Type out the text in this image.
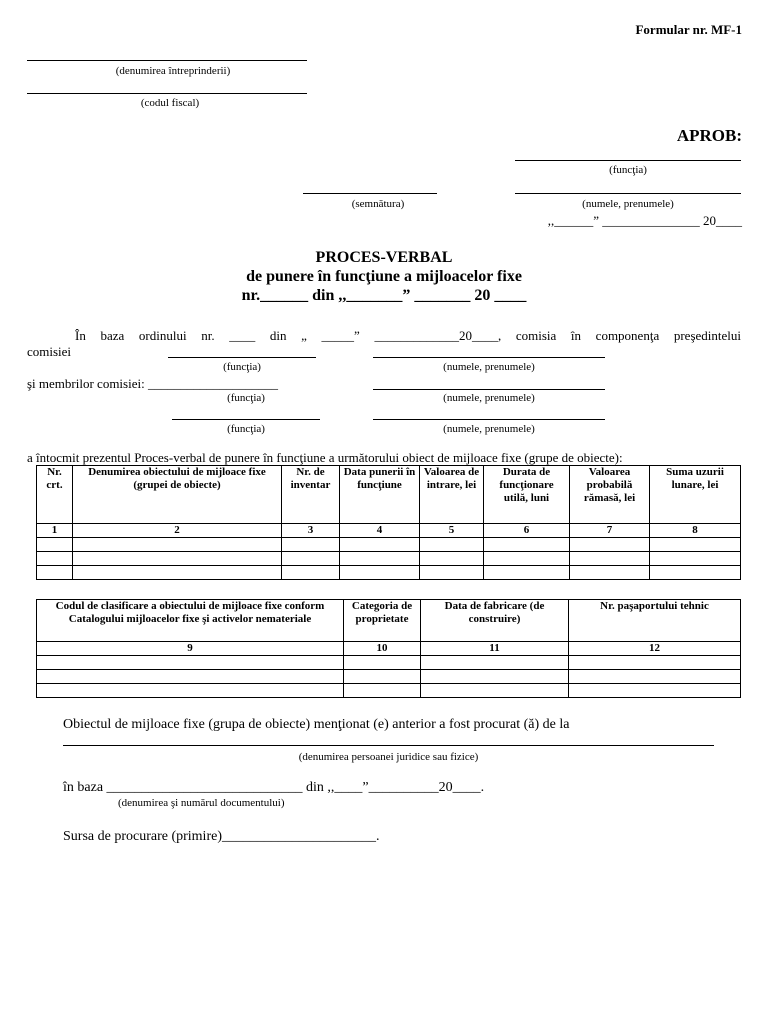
Formular nr. MF-1
(denumirea întreprinderii)
(codul fiscal)
APROB:
(funcţia)
(semnătura)	(numele, prenumele)
,,______” _______________ 20____
PROCES-VERBAL
de punere în funcţiune a mijloacelor fixe
nr.______ din ,,_______” _______ 20 ____
În baza ordinului nr. ____ din „ _____” _____________20____, comisia în componenţa preşedintelui
comisiei
(funcţia)	(numele, prenumele)
şi membrilor comisiei: ____________________
(funcţia)	(numele, prenumele)
(funcţia)	(numele, prenumele)
a întocmit prezentul Proces-verbal de punere în funcţiune a următorului obiect de mijloace fixe (grupe de obiecte):
Nr. crt.	Denumirea obiectului de mijloace fixe (grupei de obiecte)	Nr. de inventar	Data punerii în funcţiune	Valoarea de intrare, lei	Durata de funcţionare utilă, luni	Valoarea probabilă rămasă, lei	Suma uzurii lunare, lei
1	2	3	4	5	6	7	8

Codul de clasificare a obiectului de mijloace fixe conform Catalogului mijloacelor fixe şi activelor nemateriale	Categoria de proprietate	Data de fabricare (de construire)	Nr. paşaportului tehnic
9	10	11	12

Obiectul de mijloace fixe (grupa de obiecte) menţionat (e) anterior a fost procurat (ă) de la
(denumirea persoanei juridice sau fizice)
în baza ____________________________ din ,,____”__________20____.
(denumirea şi numărul documentului)
Sursa de procurare (primire)______________________.
